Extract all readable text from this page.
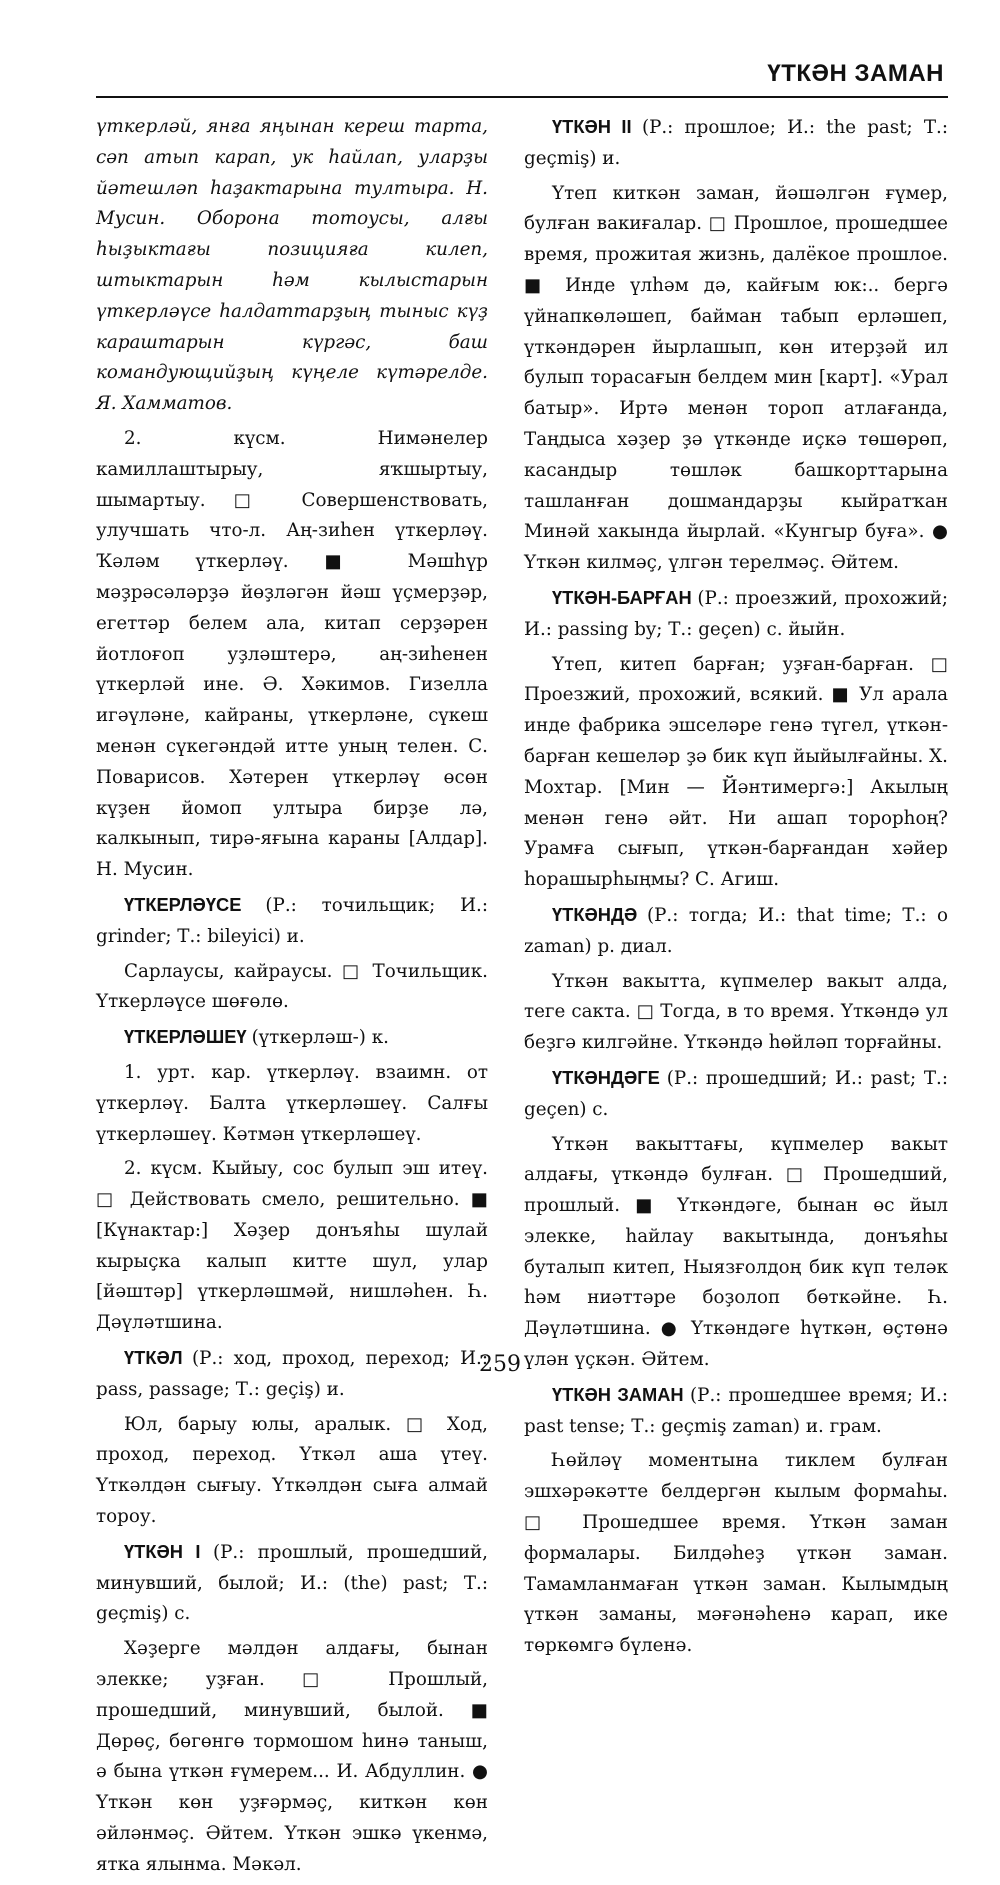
ҮТКӘН ЗАМАН

үткерләй, янға яңынан кереш тарта, сәп атып карап, ук һайлап, уларҙы йәтешләп һаҙактарына тултыра. Н. Мусин. Оборона тотоусы, алғы һыҙыктағы позицияға килеп, штыктарын һәм кылыстарын үткерләүсе һалдаттарҙың тыныс күҙ караштарын күргәс, баш командующийҙың күңеле күтәрелде. Я. Хамматов.

2. күсм. Нимәнелер камиллаштырыу, яҡшыртыу, шымартыу. □ Совершенствовать, улучшать что-л. Аң-зиһен үткерләү. Ҡәләм үткерләү. ■ Мәшһүр мәҙрәсәләрҙә йөҙләгән йәш үҫмерҙәр, егеттәр белем ала, китап серҙәрен йотлоғоп уҙләштерә, аң-зиһенен үткерләй ине. Ә. Хәкимов. Гизелла игәүләне, кайраны, үткерләне, сүкеш менән сүкегәндәй итте уның телен. С. Поварисов. Хәтерен үткерләү өсөн күҙен йомоп ултыра бирҙе лә, калкынып, тирә-яғына караны [Алдар]. Н. Мусин.

ҮТКЕРЛӘҮСЕ (Р.: точильщик; И.: grinder; Т.: bileyici) и.

Сарлаусы, кайраусы. □ Точильщик. Үткерләүсе шөғөлө.

ҮТКЕРЛӘШЕҮ (үткерләш-) к.

1. урт. кар. үткерләү. взаимн. от үткерләү. Балта үткерләшеү. Салғы үткерләшеү. Кәтмән үткерләшеү.

2. күсм. Кыйыу, сос булып эш итеү. □ Действовать смело, решительно. ■ [Күнактар:] Хәҙер донъяһы шулай кырыҫка калып китте шул, улар [йәштәр] үткерләшмәй, нишләһен. Һ. Дәүләтшина.

ҮТКӘЛ (Р.: ход, проход, переход; И.: pass, passage; Т.: geçiş) и.

Юл, барыу юлы, аралык. □ Ход, проход, переход. Үткәл аша үтеү. Үткәлдән сығыу. Үткәлдән сыға алмай тороу.

ҮТКӘН I (Р.: прошлый, прошедший, минувший, былой; И.: (the) past; Т.: geçmiş) с.

Хәҙерге мәлдән алдағы, бынан элекке; уҙған. □ Прошлый, прошедший, минувший, былой. ■ Дөрөҫ, бөгөнгө тормошом һинә таныш, ә бына үткән ғүмерем... И. Абдуллин. ● Үткән көн уҙғәрмәҫ, киткән көн әйләнмәҫ. Әйтем. Үткән эшкә үкенмә, ятка ялынма. Мәкәл.

ҮТКӘН II (Р.: прошлое; И.: the past; Т.: geçmiş) и.

Үтеп киткән заман, йәшәлгән ғүмер, булған вакиғалар. □ Прошлое, прошедшее время, прожитая жизнь, далёкое прошлое. ■ Инде үлһәм дә, кайғым юк:.. бергә үйнапкөләшеп, байман табып ерләшеп, үткәндәрен йырлашып, көн итерҙәй ил булып торасағын белдем мин [карт]. «Урал батыр». Иртә менән тороп атлағанда, Таңдыса хәҙер ҙә үткәнде иҫкә төшөрөп, касандыр төшләк башкорттарына ташланған дошмандарҙы кыйратҡан Минәй хакында йырлай. «Кунгыр буға». ● Үткән килмәҫ, үлгән терелмәҫ. Әйтем.

ҮТКӘН-БАРҒАН (Р.: проезжий, прохожий; И.: passing by; Т.: geçen) с. йыйн.

Үтеп, китеп барған; уҙған-барған. □ Проезжий, прохожий, всякий. ■ Ул арала инде фабрика эшселәре генә түгел, үткән-барған кешеләр ҙә бик күп йыйылғайны. Х. Мохтар. [Мин — Йәнтимергә:] Акылың менән генә әйт. Ни ашап торорһоң? Урамға сығып, үткән-бaрғандан хәйер һорашырһыңмы? С. Агиш.

ҮТКӘНДӘ (Р.: тогда; И.: that time; Т.: o zaman) р. диал.

Үткән вакытта, күпмелер вакыт алда, теге сакта. □ Тогда, в то время. Үткәндә ул беҙгә килгәйне. Үткәндә һөйләп торғайны.

ҮТКӘНДӘГЕ (Р.: прошедший; И.: past; Т.: geçen) с.

Үткән вакыттағы, күпмелер вакыт алдағы, үткәндә булған. □ Прошедший, прошлый. ■ Үткәндәге, бынан өс йыл элекке, һайлау вакытында, донъяһы буталып китеп, Ныязғолдоң бик күп теләк һәм ниәттәре боҙолоп бөткәйне. Һ. Дәүләтшина. ● Үткәндәге һүткән, өҫтөнә үлән үҫкән. Әйтем.

ҮТКӘН ЗАМАН (Р.: прошедшее время; И.: past tense; Т.: geçmiş zaman) и. грам.

Һөйләү моментына тиклем булған эшхәрәкәтте белдергән кылым формаһы. □ Прошедшее время. Үткән заман формалары. Билдәһеҙ үткән заман. Тамамланмаған үткән заман. Кылымдың үткән заманы, мәғәнәһенә карап, ике төркөмгә бүленә.

259
